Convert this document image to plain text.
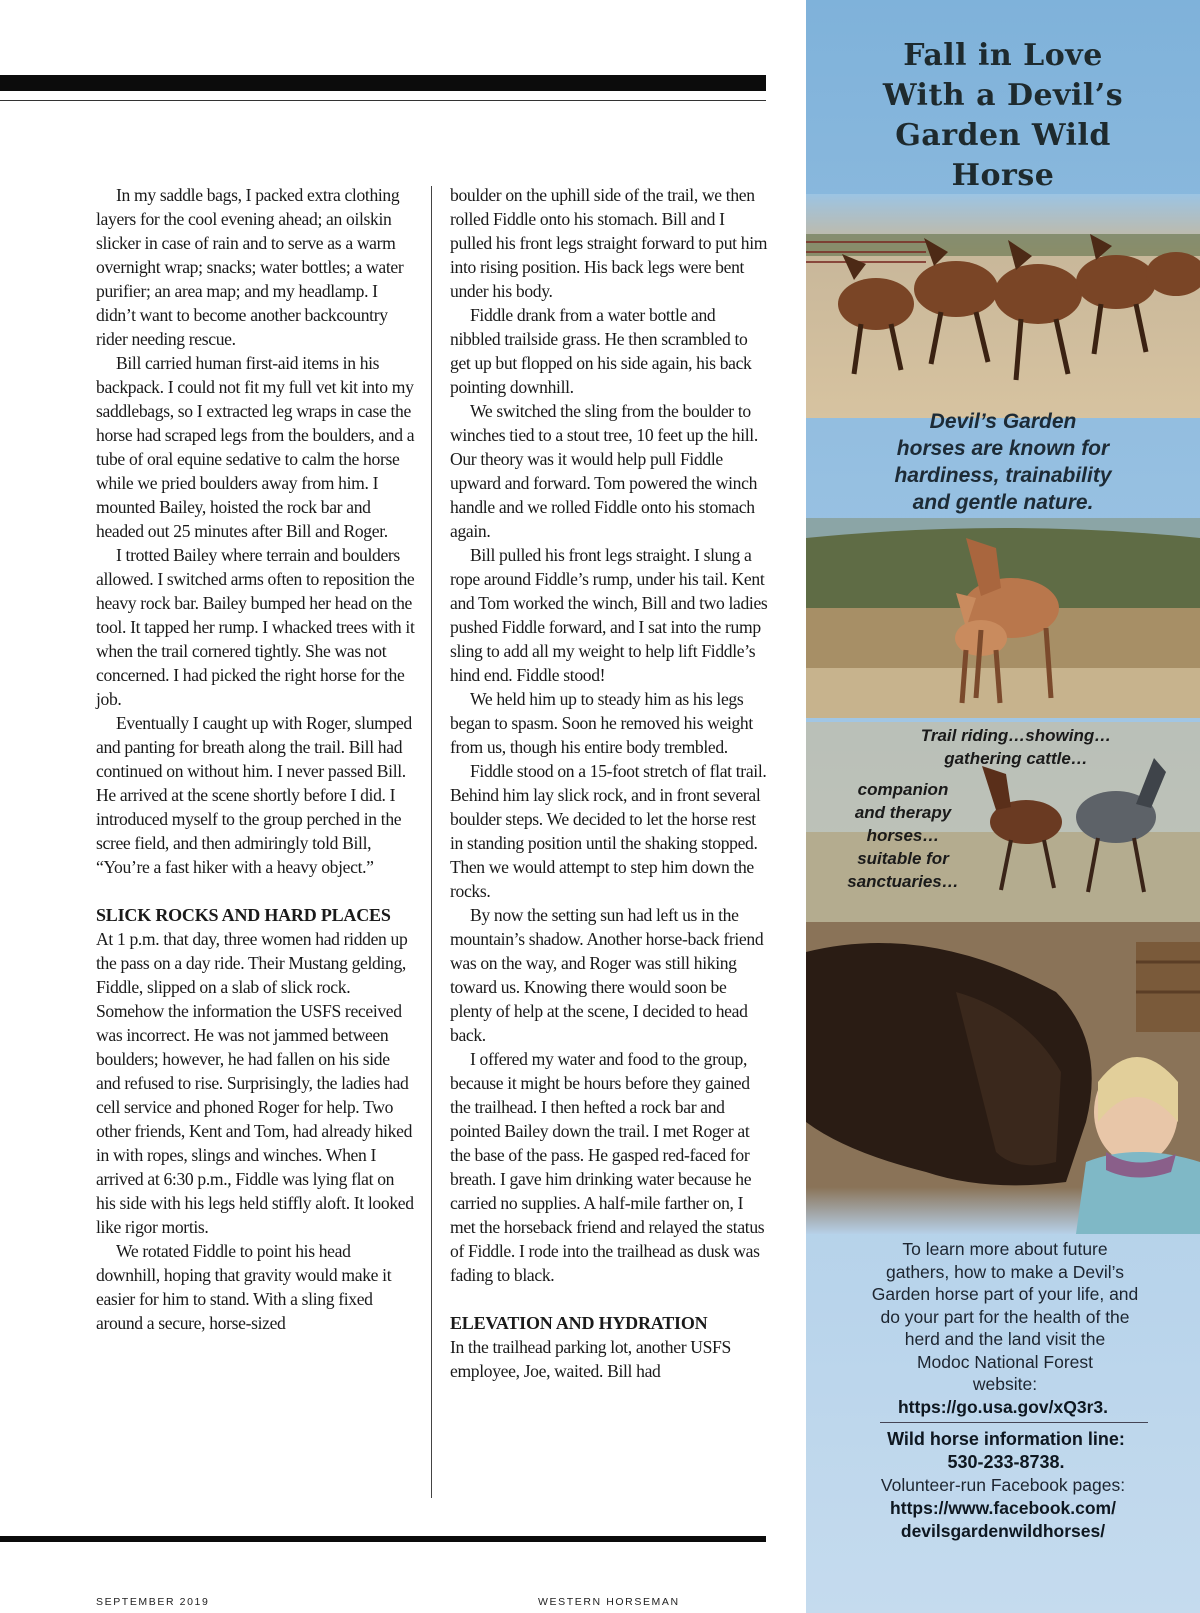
In my saddle bags, I packed extra clothing layers for the cool evening ahead; an oilskin slicker in case of rain and to serve as a warm overnight wrap; snacks; water bottles; a water purifier; an area map; and my headlamp. I didn’t want to become another backcountry rider needing rescue.

Bill carried human first-aid items in his backpack. I could not fit my full vet kit into my saddlebags, so I extracted leg wraps in case the horse had scraped legs from the boulders, and a tube of oral equine sedative to calm the horse while we pried boulders away from him. I mounted Bailey, hoisted the rock bar and headed out 25 minutes after Bill and Roger.

I trotted Bailey where terrain and boulders allowed. I switched arms often to reposition the heavy rock bar. Bailey bumped her head on the tool. It tapped her rump. I whacked trees with it when the trail cornered tightly. She was not concerned. I had picked the right horse for the job.

Eventually I caught up with Roger, slumped and panting for breath along the trail. Bill had continued on without him. I never passed Bill. He arrived at the scene shortly before I did. I introduced myself to the group perched in the scree field, and then admiringly told Bill, “You’re a fast hiker with a heavy object.”

SLICK ROCKS AND HARD PLACES

At 1 p.m. that day, three women had ridden up the pass on a day ride. Their Mustang gelding, Fiddle, slipped on a slab of slick rock. Somehow the information the USFS received was incorrect. He was not jammed between boulders; however, he had fallen on his side and refused to rise. Surprisingly, the ladies had cell service and phoned Roger for help. Two other friends, Kent and Tom, had already hiked in with ropes, slings and winches. When I arrived at 6:30 p.m., Fiddle was lying flat on his side with his legs held stiffly aloft. It looked like rigor mortis.

We rotated Fiddle to point his head downhill, hoping that gravity would make it easier for him to stand. With a sling fixed around a secure, horse-sized

boulder on the uphill side of the trail, we then rolled Fiddle onto his stomach. Bill and I pulled his front legs straight forward to put him into rising position. His back legs were bent under his body.

Fiddle drank from a water bottle and nibbled trailside grass. He then scrambled to get up but flopped on his side again, his back pointing downhill.

We switched the sling from the boulder to winches tied to a stout tree, 10 feet up the hill. Our theory was it would help pull Fiddle upward and forward. Tom powered the winch handle and we rolled Fiddle onto his stomach again.

Bill pulled his front legs straight. I slung a rope around Fiddle’s rump, under his tail. Kent and Tom worked the winch, Bill and two ladies pushed Fiddle forward, and I sat into the rump sling to add all my weight to help lift Fiddle’s hind end. Fiddle stood!

We held him up to steady him as his legs began to spasm. Soon he removed his weight from us, though his entire body trembled.

Fiddle stood on a 15-foot stretch of flat trail. Behind him lay slick rock, and in front several boulder steps. We decided to let the horse rest in standing position until the shaking stopped. Then we would attempt to step him down the rocks.

By now the setting sun had left us in the mountain’s shadow. Another horse-back friend was on the way, and Roger was still hiking toward us. Knowing there would soon be plenty of help at the scene, I decided to head back.

I offered my water and food to the group, because it might be hours before they gained the trailhead. I then hefted a rock bar and pointed Bailey down the trail. I met Roger at the base of the pass. He gasped red-faced for breath. I gave him drinking water because he carried no supplies. A half-mile farther on, I met the horseback friend and relayed the status of Fiddle. I rode into the trailhead as dusk was fading to black.

ELEVATION AND HYDRATION

In the trailhead parking lot, another USFS employee, Joe, waited. Bill had

SEPTEMBER 2019	WESTERN HORSEMAN
Fall in Love
With a Devil’s
Garden Wild
Horse
Devil’s Garden
horses are known for
hardiness, trainability
and gentle nature.
Trail riding…showing…
gathering cattle…
companion
and therapy
horses…
suitable for
sanctuaries…
To learn more about future
gathers, how to make a Devil’s
Garden horse part of your life, and
do your part for the health of the
herd and the land visit the
Modoc National Forest
website:
https://go.usa.gov/xQ3r3.
Wild horse information line:
530-233-8738.
Volunteer-run Facebook pages:
https://www.facebook.com/
devilsgardenwildhorses/
